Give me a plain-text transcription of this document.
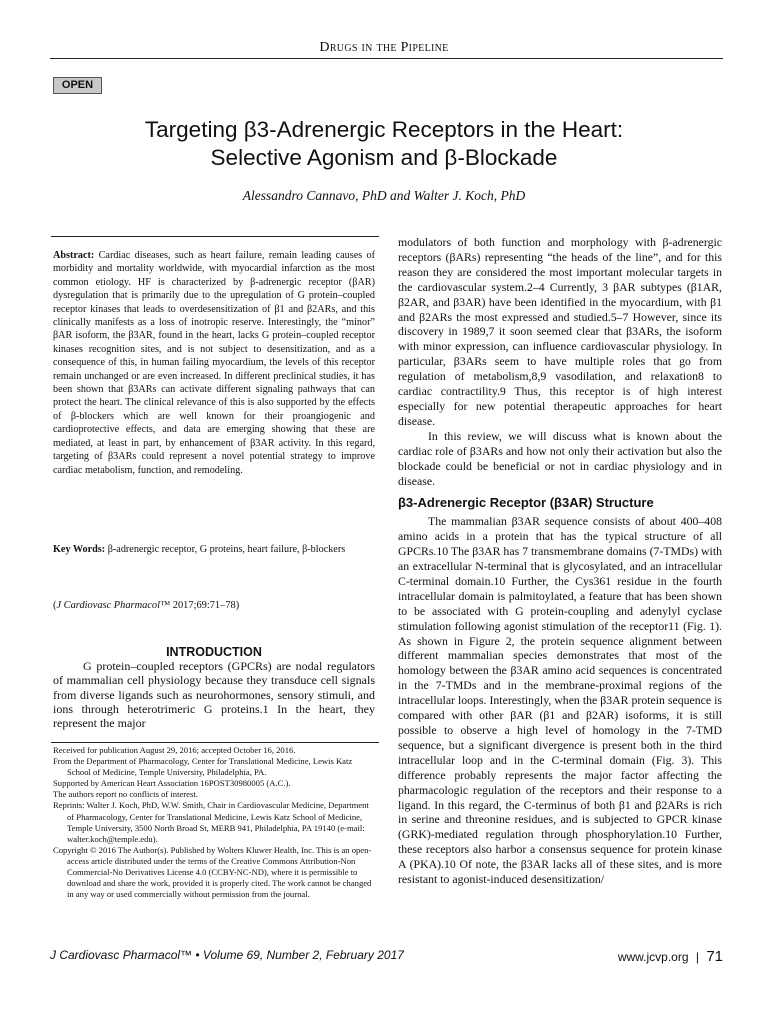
Drugs in the Pipeline
OPEN
Targeting β3-Adrenergic Receptors in the Heart:
Selective Agonism and β-Blockade
Alessandro Cannavo, PhD and Walter J. Koch, PhD
Abstract: Cardiac diseases, such as heart failure, remain leading causes of morbidity and mortality worldwide, with myocardial infarction as the most common etiology. HF is characterized by β-adrenergic receptor (βAR) dysregulation that is primarily due to the upregulation of G protein–coupled receptor kinases that leads to overdesensitization of β1 and β2ARs, and this clinically manifests as a loss of inotropic reserve. Interestingly, the “minor” βAR isoform, the β3AR, found in the heart, lacks G protein–coupled receptor kinases recognition sites, and is not subject to desensitization, and as a consequence of this, in human failing myocardium, the levels of this receptor remain unchanged or are even increased. In different preclinical studies, it has been shown that β3ARs can activate different signaling pathways that can protect the heart. The clinical relevance of this is also supported by the effects of β-blockers which are well known for their proangiogenic and cardioprotective effects, and data are emerging showing that these are mediated, at least in part, by enhancement of β3AR activity. In this regard, targeting of β3ARs could represent a novel potential strategy to improve cardiac metabolism, function, and remodeling.
Key Words: β-adrenergic receptor, G proteins, heart failure, β-blockers
(J Cardiovasc Pharmacol™ 2017;69:71–78)
INTRODUCTION

G protein–coupled receptors (GPCRs) are nodal regulators of mammalian cell physiology because they transduce cell signals from diverse ligands such as neurohormones, sensory stimuli, and ions through heterotrimeric G proteins.1 In the heart, they represent the major

Received for publication August 29, 2016; accepted October 16, 2016.

From the Department of Pharmacology, Center for Translational Medicine, Lewis Katz School of Medicine, Temple University, Philadelphia, PA.

Supported by American Heart Association 16POST30980005 (A.C.).

The authors report no conflicts of interest.

Reprints: Walter J. Koch, PhD, W.W. Smith, Chair in Cardiovascular Medicine, Department of Pharmacology, Center for Translational Medicine, Lewis Katz School of Medicine, Temple University, 3500 North Broad St, MERB 941, Philadelphia, PA 19140 (e-mail: walter.koch@temple.edu).

Copyright © 2016 The Author(s). Published by Wolters Kluwer Health, Inc. This is an open-access article distributed under the terms of the Creative Commons Attribution-Non Commercial-No Derivatives License 4.0 (CCBY-NC-ND), where it is permissible to download and share the work, provided it is properly cited. The work cannot be changed in any way or used commercially without permission from the journal.

modulators of both function and morphology with β-adrenergic receptors (βARs) representing “the heads of the line”, and for this reason they are considered the most important molecular targets in the cardiovascular system.2–4 Currently, 3 βAR subtypes (β1AR, β2AR, and β3AR) have been identified in the myocardium, with β1 and β2ARs the most expressed and studied.5–7 However, since its discovery in 1989,7 it soon seemed clear that β3ARs, the isoform with minor expression, can influence cardiovascular physiology. In particular, β3ARs seem to have multiple roles that go from regulation of metabolism,8,9 vasodilation, and relaxation8 to cardiac contractility.9 Thus, this receptor is of high interest especially for new potential therapeutic approaches for heart disease.

In this review, we will discuss what is known about the cardiac role of β3ARs and how not only their activation but also the blockade could be beneficial or not in cardiac physiology and in disease.

β3-Adrenergic Receptor (β3AR) Structure

The mammalian β3AR sequence consists of about 400–408 amino acids in a protein that has the typical structure of all GPCRs.10 The β3AR has 7 transmembrane domains (7-TMDs) with an extracellular N-terminal that is glycosylated, and an intracellular C-terminal domain.10 Further, the Cys361 residue in the fourth intracellular domain is palmitoylated, a feature that has been shown to be associated with G protein-coupling and adenylyl cyclase stimulation following agonist stimulation of the receptor11 (Fig. 1). As shown in Figure 2, the protein sequence alignment between different mammalian species demonstrates that most of the homology between the β3AR amino acid sequences is concentrated in the 7-TMDs and in the membrane-proximal regions of the intracellular loops. Interestingly, when the β3AR protein sequence is compared with other βAR (β1 and β2AR) isoforms, it is still possible to observe a high level of homology in the 7-TMD sequence, but a significant divergence is present both in the third intracellular loop and in the C-terminal domain (Fig. 3). This difference probably represents the major factor affecting the pharmacologic regulation of the receptors and their response to a ligand. In this regard, the C-terminus of both β1 and β2ARs is rich in serine and threonine residues, and is subjected to GPCR kinase (GRK)-mediated regulation through phosphorylation.10 Further, these receptors also harbor a consensus sequence for protein kinase A (PKA).10 Of note, the β3AR lacks all of these sites, and is more resistant to agonist-induced desensitization/

J Cardiovasc Pharmacol™ • Volume 69, Number 2, February 2017	www.jcvp.org | 71
